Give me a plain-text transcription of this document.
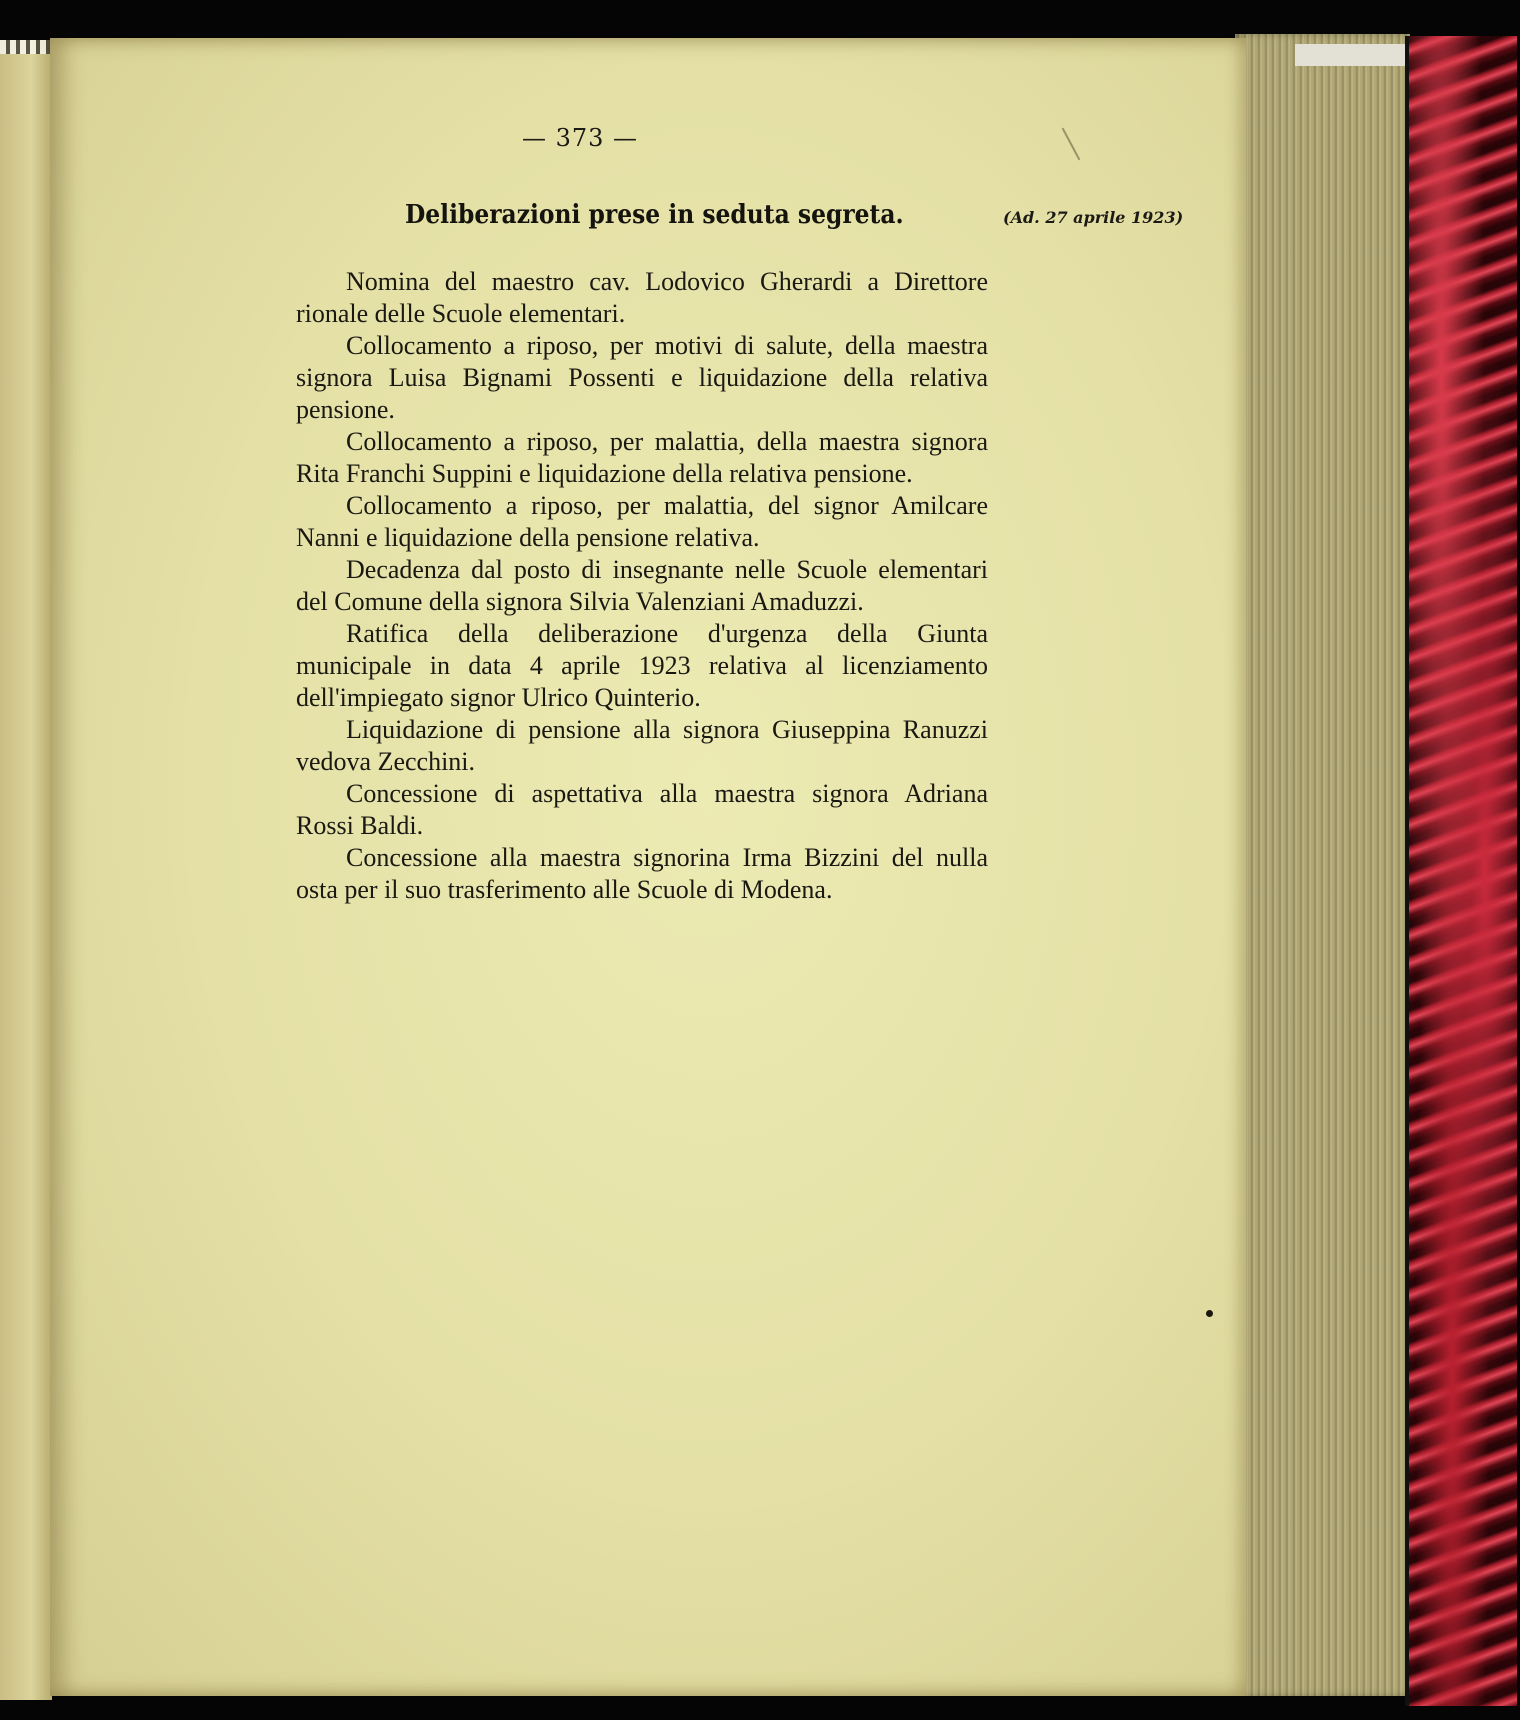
— 373 —
Deliberazioni prese in seduta segreta.	(Ad. 27 aprile 1923)

Nomina del maestro cav. Lodovico Gherardi a Direttore rionale delle Scuole elementari.

Collocamento a riposo, per motivi di salute, della maestra signora Luisa Bignami Possenti e liquidazione della relativa pensione.

Collocamento a riposo, per malattia, della maestra signora Rita Franchi Suppini e liquidazione della relativa pensione.

Collocamento a riposo, per malattia, del signor Amilcare Nanni e liquidazione della pensione relativa.

Decadenza dal posto di insegnante nelle Scuole elementari del Comune della signora Silvia Valenziani Amaduzzi.

Ratifica della deliberazione d'urgenza della Giunta municipale in data 4 aprile 1923 relativa al licenziamento dell'impiegato signor Ulrico Quinterio.

Liquidazione di pensione alla signora Giuseppina Ranuzzi vedova Zecchini.

Concessione di aspettativa alla maestra signora Adriana Rossi Baldi.

Concessione alla maestra signorina Irma Bizzini del nulla osta per il suo trasferimento alle Scuole di Modena.
